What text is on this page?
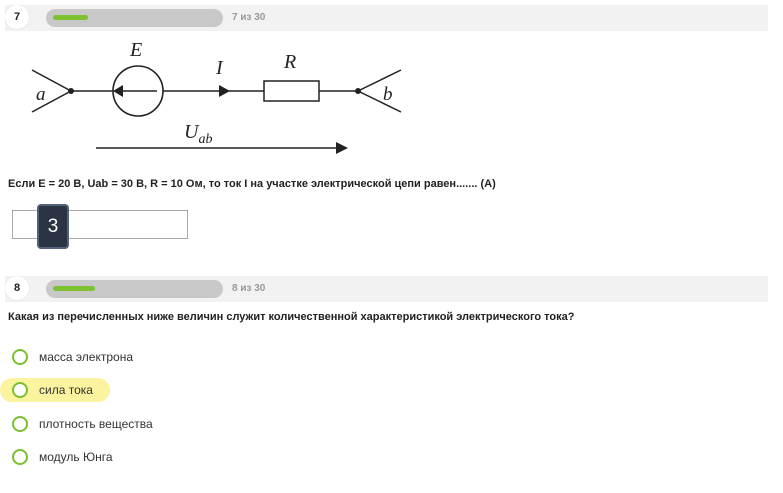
7	7 из 30
E
I	R
a	b
$U_{ab}$
Если E = 20 В, Uab = 30 В, R = 10 Ом, то ток I на участке электрической цепи равен....... (А)
3
8	8 из 30
Какая из перечисленных ниже величин служит количественной характеристикой электрического тока?
масса электрона
сила тока
плотность вещества
модуль Юнга
